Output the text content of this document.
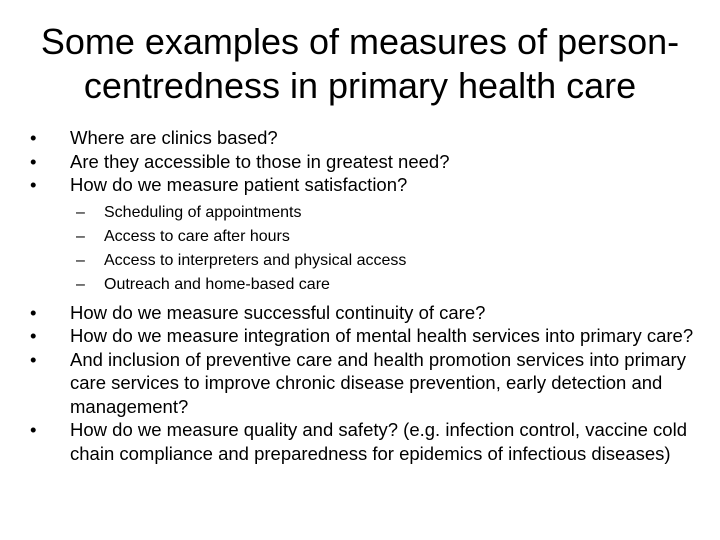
Some examples of measures of person-
centredness in primary health care
•	Where are clinics based?
•	Are they accessible to those in greatest need?
•	How do we measure patient satisfaction?
– Scheduling of appointments
– Access to care after hours
– Access to interpreters and physical access
– Outreach and home-based care
•	How do we measure successful continuity of care?
•	How do we measure integration of mental health services into primary care?
•	And inclusion of preventive care and health promotion services into primary care services to improve chronic disease prevention, early detection and management?
•	How do we measure quality and safety? (e.g. infection control, vaccine cold chain compliance and preparedness for epidemics of infectious diseases)
